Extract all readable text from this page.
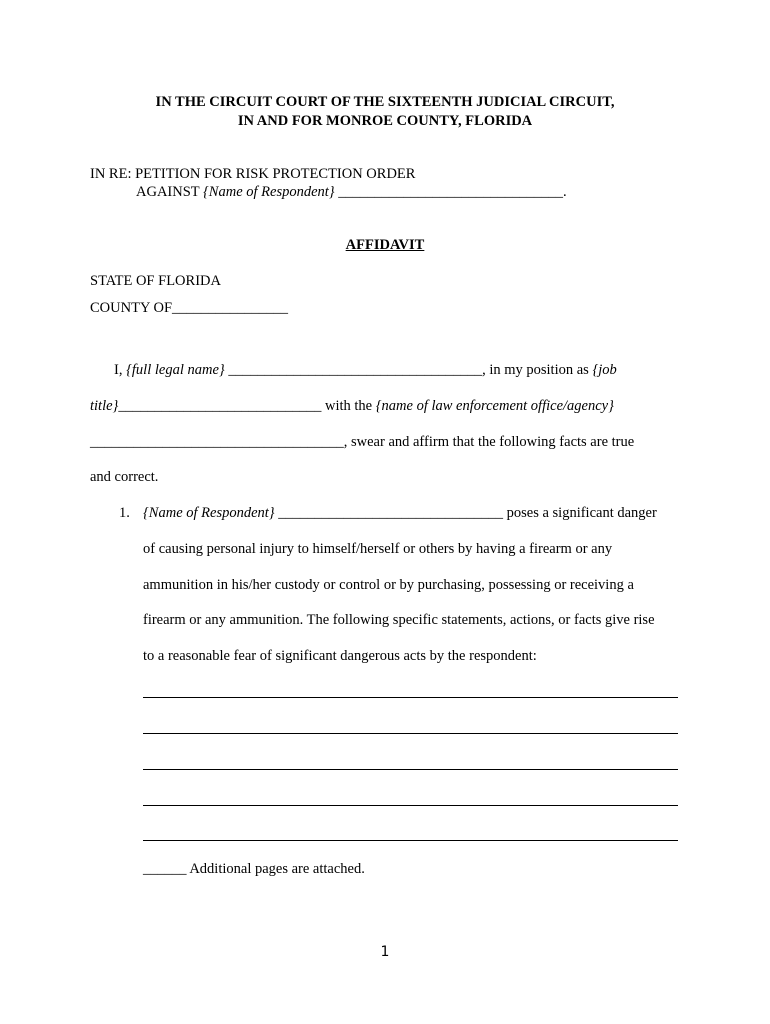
IN THE CIRCUIT COURT OF THE SIXTEENTH JUDICIAL CIRCUIT,
IN AND FOR MONROE COUNTY, FLORIDA
IN RE: PETITION FOR RISK PROTECTION ORDER
AGAINST {Name of Respondent} _______________________________.
AFFIDAVIT
STATE OF FLORIDA
COUNTY OF________________
I, {full legal name} ___________________________________, in my position as {job
title}____________________________ with the {name of law enforcement office/agency}
___________________________________, swear and affirm that the following facts are true
and correct.
1. {Name of Respondent} _______________________________ poses a significant danger
of causing personal injury to himself/herself or others by having a firearm or any
ammunition in his/her custody or control or by purchasing, possessing or receiving a
firearm or any ammunition. The following specific statements, actions, or facts give rise
to a reasonable fear of significant dangerous acts by the respondent:
______ Additional pages are attached.
1
